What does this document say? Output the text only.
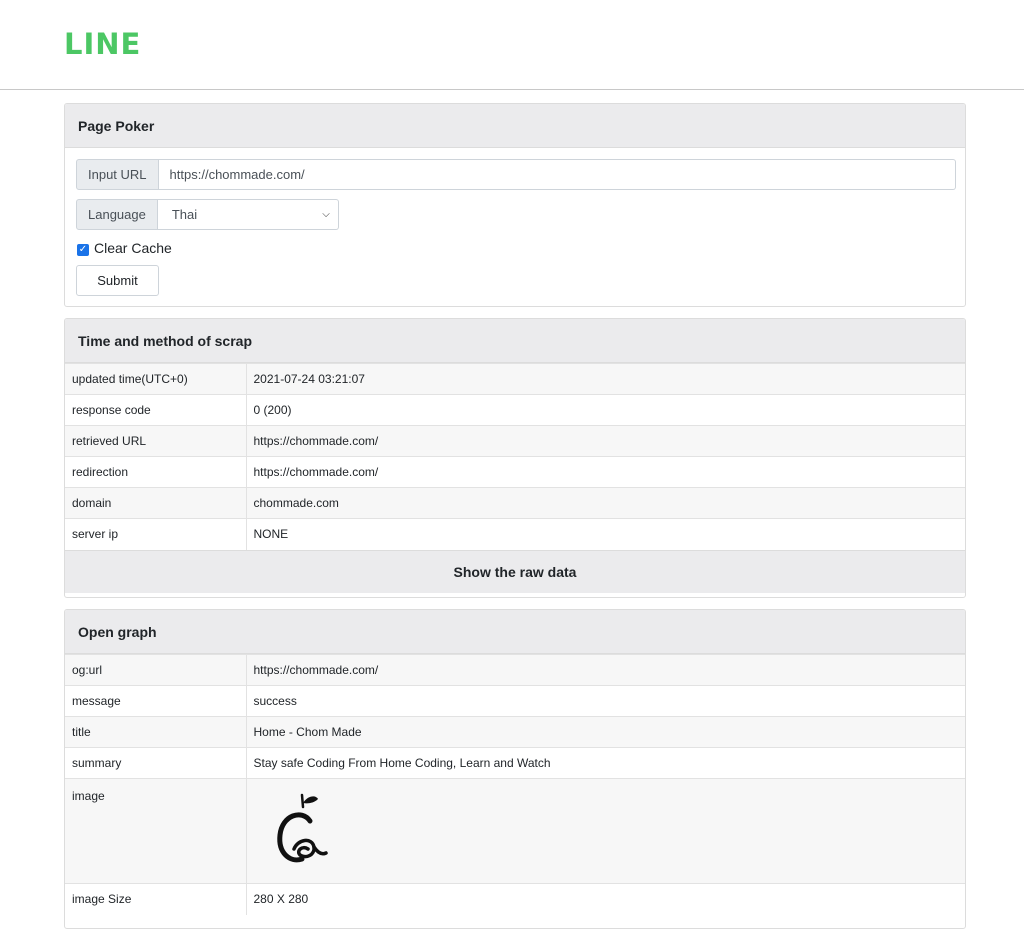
LINE
Page Poker
Input URL	https://chommade.com/
Language	Thai	⌵
✓ Clear Cache
Submit
Time and method of scrap
updated time(UTC+0)	2021-07-24 03:21:07
response code	0 (200)
retrieved URL	https://chommade.com/
redirection	https://chommade.com/
domain	chommade.com
server ip	NONE
Show the raw data
Open graph
og:url	https://chommade.com/
message	success
title	Home - Chom Made
summary	Stay safe Coding From Home Coding, Learn and Watch
image	

image Size	280 X 280
